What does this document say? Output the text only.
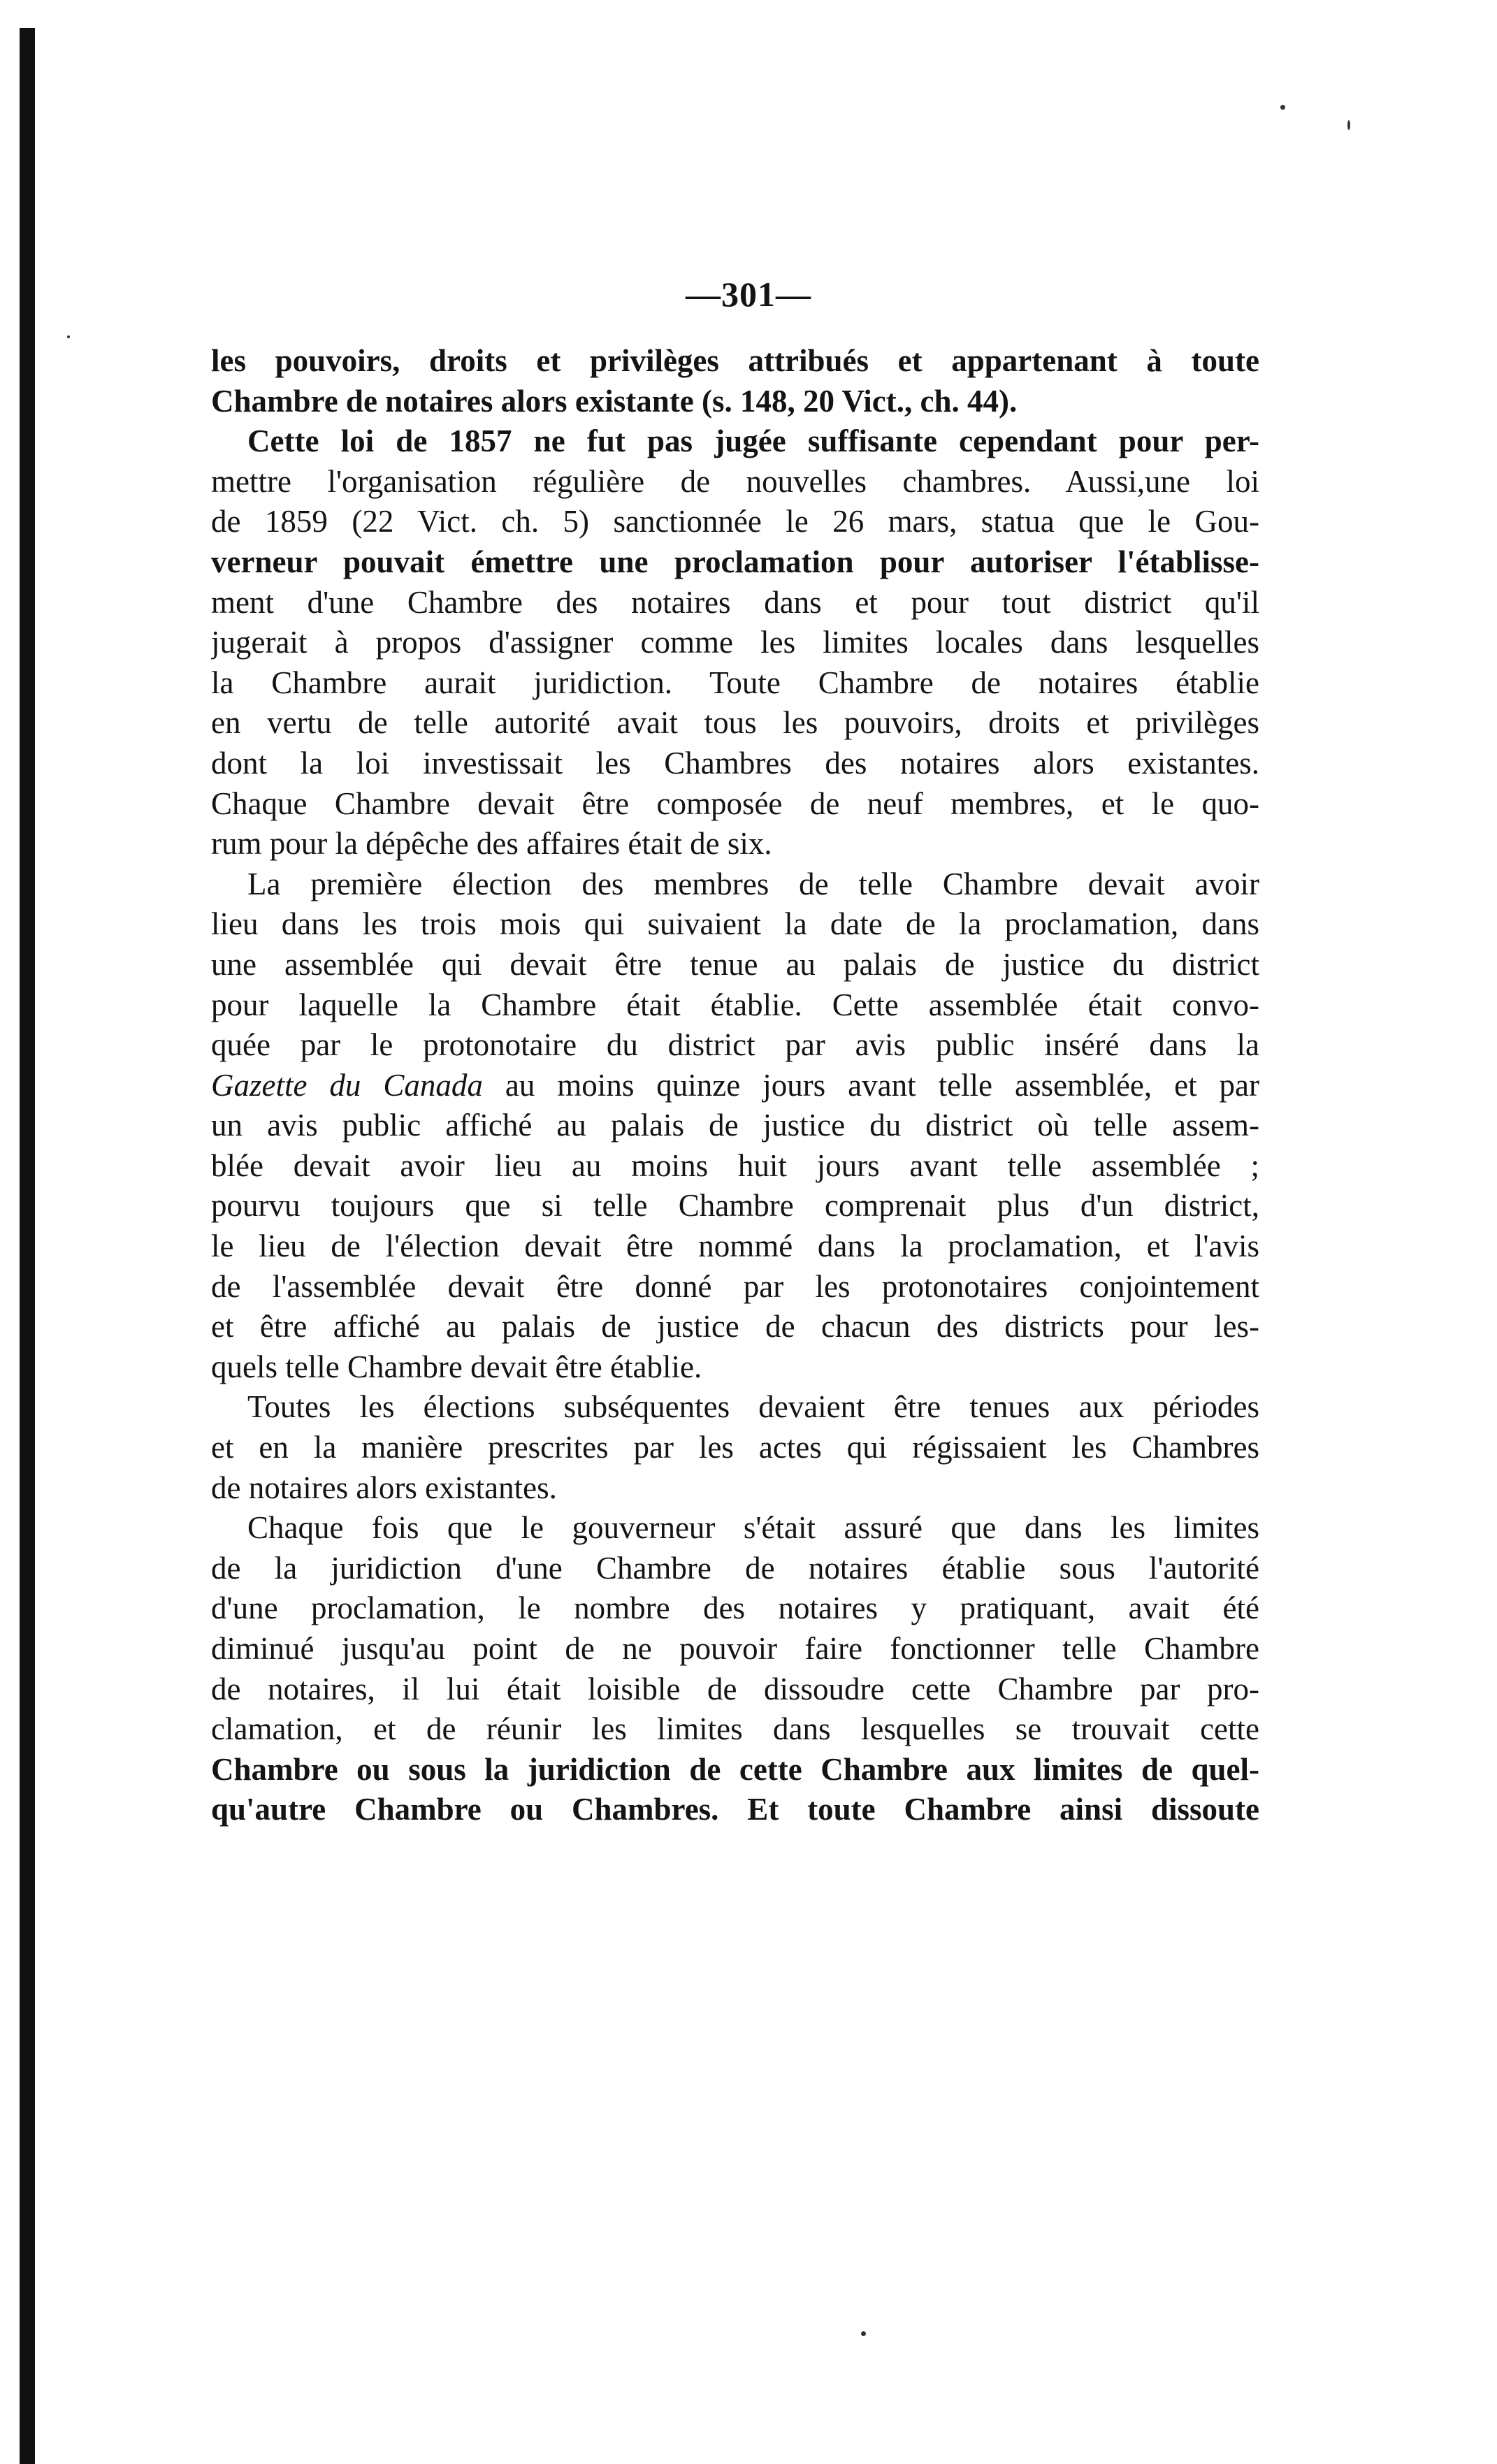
—301—
les pouvoirs, droits et privilèges attribués et appartenant à toute
Chambre de notaires alors existante (s. 148, 20 Vict., ch. 44).
Cette loi de 1857 ne fut pas jugée suffisante cependant pour per-
mettre l'organisation régulière de nouvelles chambres. Aussi,une loi
de 1859 (22 Vict. ch. 5) sanctionnée le 26 mars, statua que le Gou-
verneur pouvait émettre une proclamation pour autoriser l'établisse-
ment d'une Chambre des notaires dans et pour tout district qu'il
jugerait à propos d'assigner comme les limites locales dans lesquelles
la Chambre aurait juridiction. Toute Chambre de notaires établie
en vertu de telle autorité avait tous les pouvoirs, droits et privilèges
dont la loi investissait les Chambres des notaires alors existantes.
Chaque Chambre devait être composée de neuf membres, et le quo-
rum pour la dépêche des affaires était de six.
La première élection des membres de telle Chambre devait avoir
lieu dans les trois mois qui suivaient la date de la proclamation, dans
une assemblée qui devait être tenue au palais de justice du district
pour laquelle la Chambre était établie. Cette assemblée était convo-
quée par le protonotaire du district par avis public inséré dans la
Gazette du Canada au moins quinze jours avant telle assemblée, et par
un avis public affiché au palais de justice du district où telle assem-
blée devait avoir lieu au moins huit jours avant telle assemblée ;
pourvu toujours que si telle Chambre comprenait plus d'un district,
le lieu de l'élection devait être nommé dans la proclamation, et l'avis
de l'assemblée devait être donné par les protonotaires conjointement
et être affiché au palais de justice de chacun des districts pour les-
quels telle Chambre devait être établie.
Toutes les élections subséquentes devaient être tenues aux périodes
et en la manière prescrites par les actes qui régissaient les Chambres
de notaires alors existantes.
Chaque fois que le gouverneur s'était assuré que dans les limites
de la juridiction d'une Chambre de notaires établie sous l'autorité
d'une proclamation, le nombre des notaires y pratiquant, avait été
diminué jusqu'au point de ne pouvoir faire fonctionner telle Chambre
de notaires, il lui était loisible de dissoudre cette Chambre par pro-
clamation, et de réunir les limites dans lesquelles se trouvait cette
Chambre ou sous la juridiction de cette Chambre aux limites de quel-
qu'autre Chambre ou Chambres. Et toute Chambre ainsi dissoute
